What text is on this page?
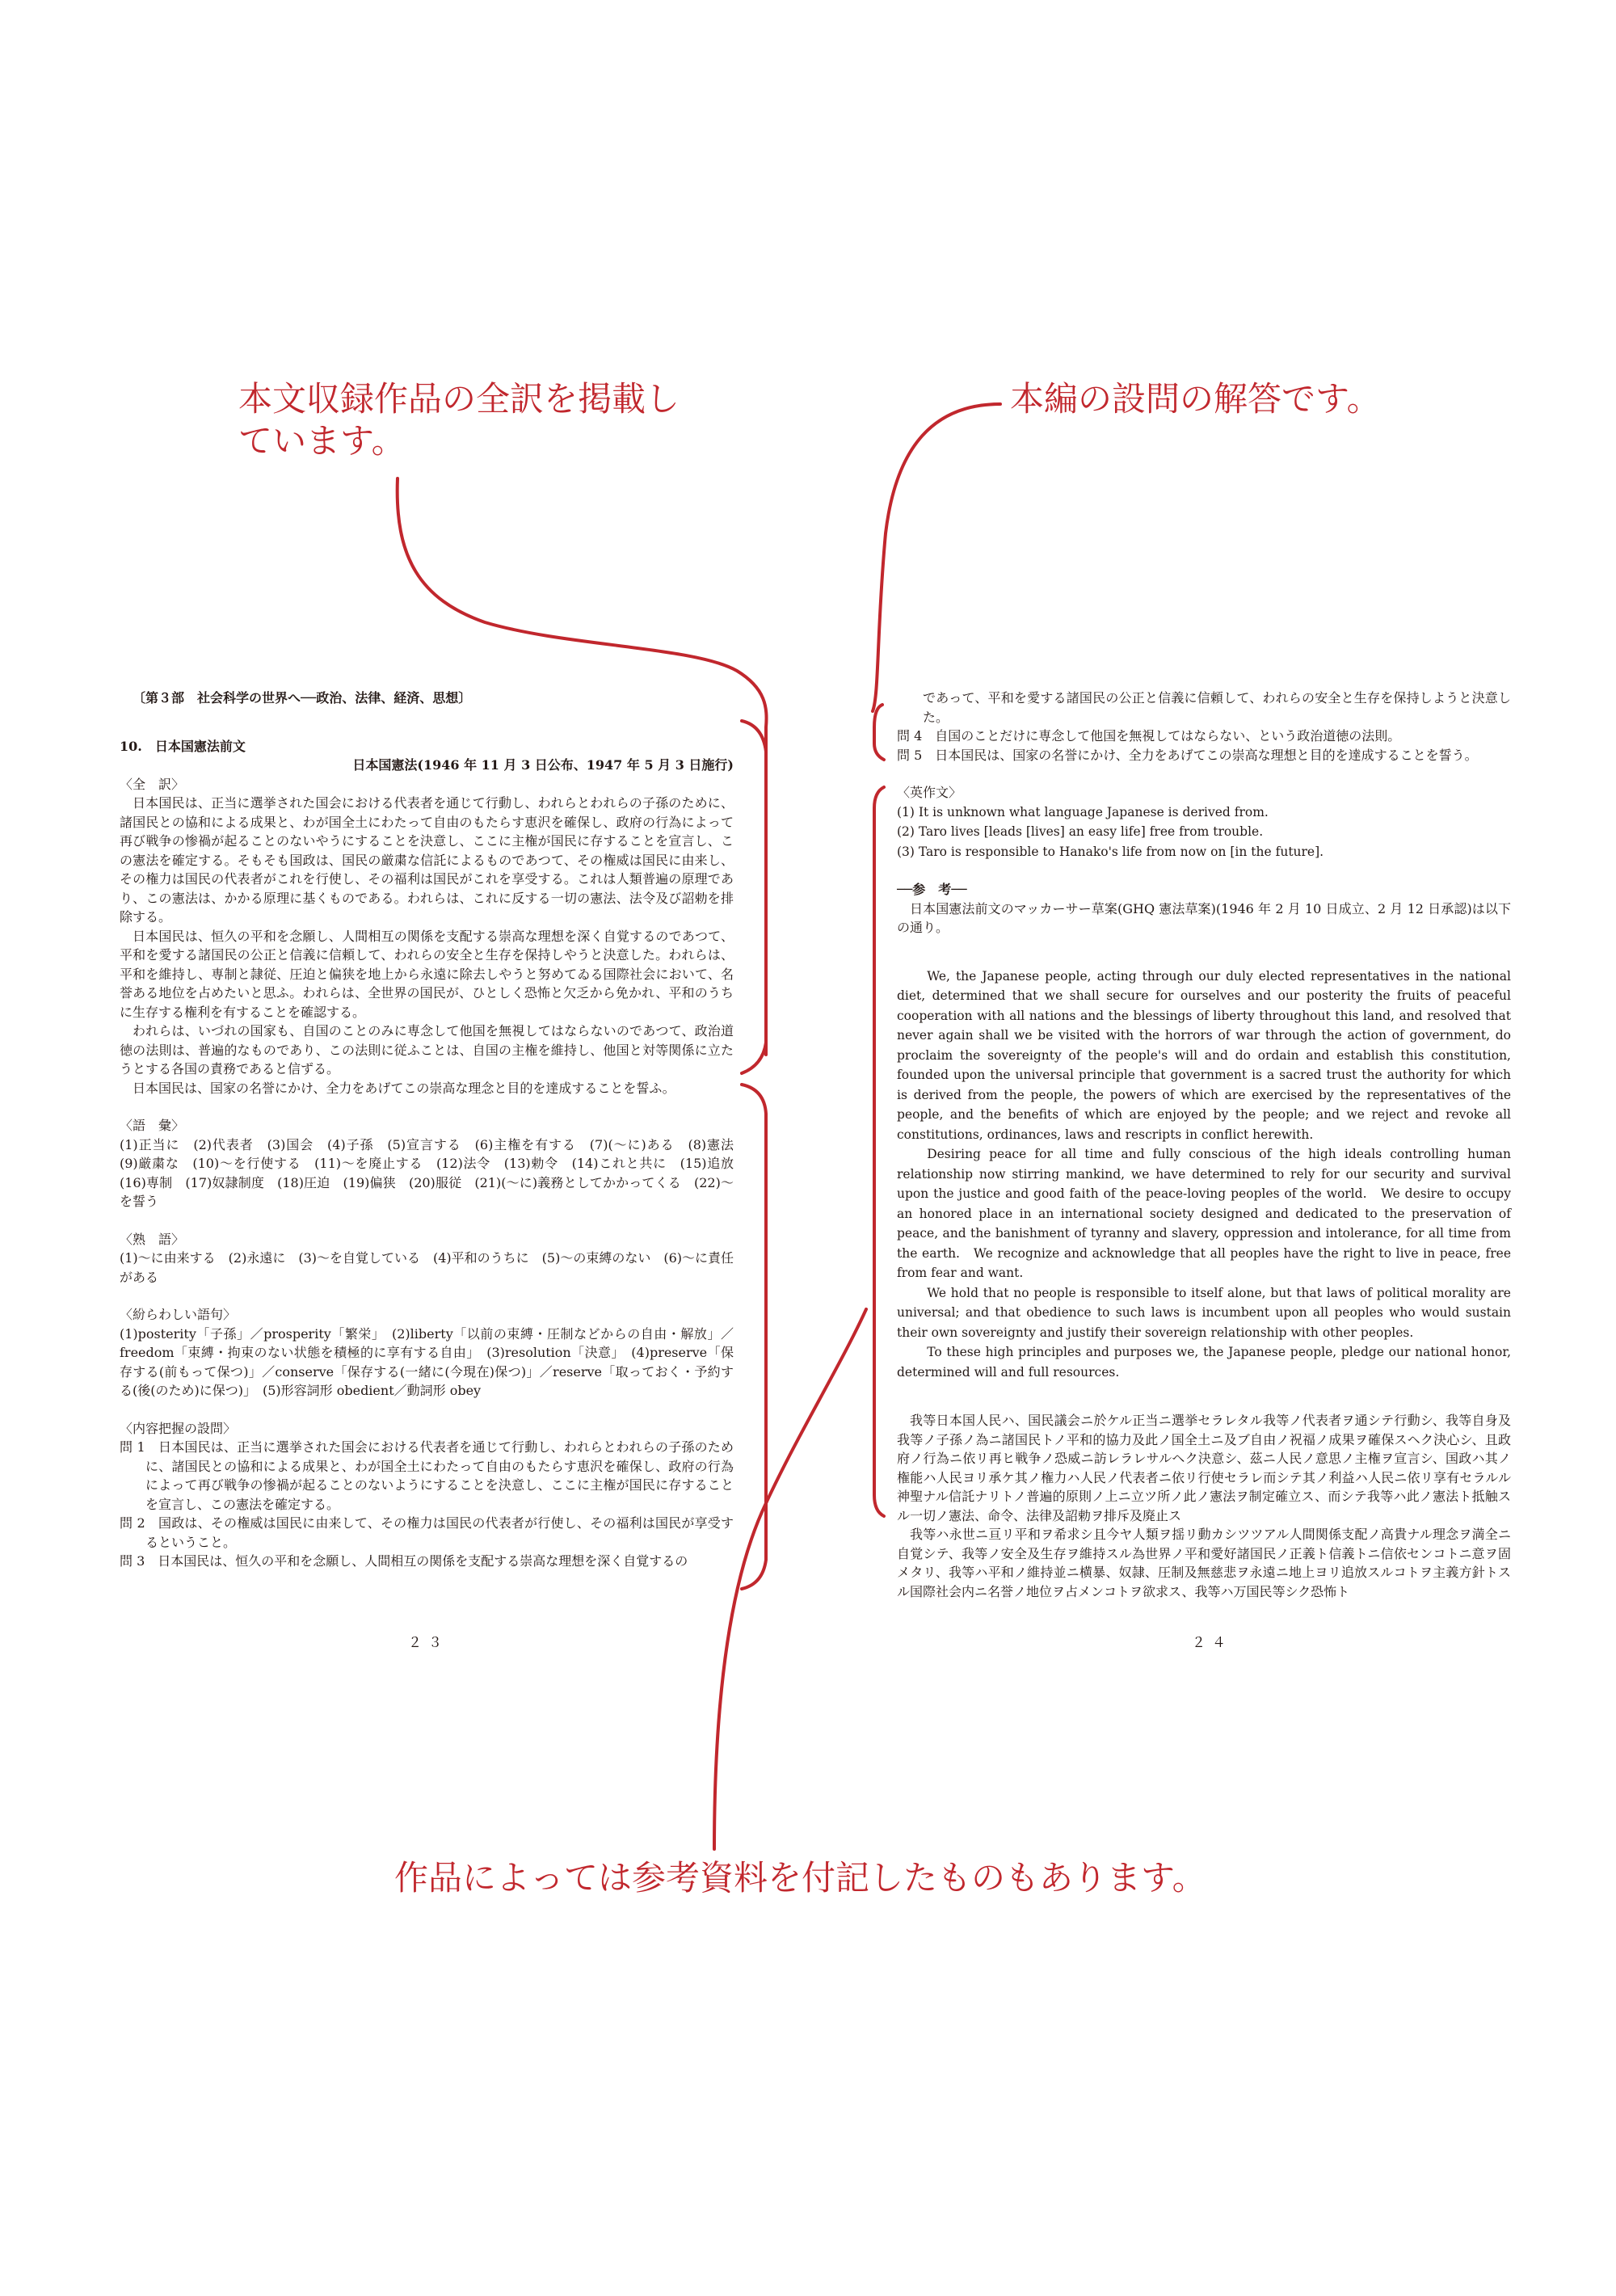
本文収録作品の全訳を掲載しています。
本編の設問の解答です。
作品によっては参考資料を付記したものもあります。

〔第３部　社会科学の世界へ──政治、法律、経済、思想〕

10.　日本国憲法前文

日本国憲法(1946 年 11 月 3 日公布、1947 年 5 月 3 日施行)

〈全　訳〉

日本国民は、正当に選挙された国会における代表者を通じて行動し、われらとわれらの子孫のために、諸国民との協和による成果と、わが国全土にわたって自由のもたらす恵沢を確保し、政府の行為によって再び戦争の惨禍が起ることのないやうにすることを決意し、ここに主権が国民に存することを宣言し、この憲法を確定する。そもそも国政は、国民の厳粛な信託によるものであつて、その権威は国民に由来し、その権力は国民の代表者がこれを行使し、その福利は国民がこれを享受する。これは人類普遍の原理であり、この憲法は、かかる原理に基くものである。われらは、これに反する一切の憲法、法令及び詔勅を排除する。

日本国民は、恒久の平和を念願し、人間相互の関係を支配する崇高な理想を深く自覚するのであつて、平和を愛する諸国民の公正と信義に信頼して、われらの安全と生存を保持しやうと決意した。われらは、平和を維持し、専制と隷従、圧迫と偏狭を地上から永遠に除去しやうと努めてゐる国際社会において、名誉ある地位を占めたいと思ふ。われらは、全世界の国民が、ひとしく恐怖と欠乏から免かれ、平和のうちに生存する権利を有することを確認する。

われらは、いづれの国家も、自国のことのみに専念して他国を無視してはならないのであつて、政治道徳の法則は、普遍的なものであり、この法則に従ふことは、自国の主権を維持し、他国と対等関係に立たうとする各国の責務であると信ずる。

日本国民は、国家の名誉にかけ、全力をあげてこの崇高な理念と目的を達成することを誓ふ。

〈語　彙〉

(1)正当に　(2)代表者　(3)国会　(4)子孫　(5)宣言する　(6)主権を有する　(7)(〜に)ある　(8)憲法　(9)厳粛な　(10)〜を行使する　(11)〜を廃止する　(12)法令　(13)勅令　(14)これと共に　(15)追放　(16)専制　(17)奴隷制度　(18)圧迫　(19)偏狭　(20)服従　(21)(〜に)義務としてかかってくる　(22)〜を誓う

〈熟　語〉

(1)〜に由来する　(2)永遠に　(3)〜を自覚している　(4)平和のうちに　(5)〜の束縛のない　(6)〜に責任がある

〈紛らわしい語句〉

(1)posterity「子孫」／prosperity「繁栄」　(2)liberty「以前の束縛・圧制などからの自由・解放」／freedom「束縛・拘束のない状態を積極的に享有する自由」　(3)resolution「決意」　(4)preserve「保存する(前もって保つ)」／conserve「保存する(一緒に(今現在)保つ)」／reserve「取っておく・予約する(後(のため)に保つ)」　(5)形容詞形 obedient／動詞形 obey

〈内容把握の設問〉

問 1　日本国民は、正当に選挙された国会における代表者を通じて行動し、われらとわれらの子孫のために、諸国民との協和による成果と、わが国全土にわたって自由のもたらす恵沢を確保し、政府の行為によって再び戦争の惨禍が起ることのないようにすることを決意し、ここに主権が国民に存することを宣言し、この憲法を確定する。

問 2　国政は、その権威は国民に由来して、その権力は国民の代表者が行使し、その福利は国民が享受するということ。

問 3　日本国民は、恒久の平和を念願し、人間相互の関係を支配する崇高な理想を深く自覚するの

２３

であって、平和を愛する諸国民の公正と信義に信頼して、われらの安全と生存を保持しようと決意した。

問 4　自国のことだけに専念して他国を無視してはならない、という政治道徳の法則。

問 5　日本国民は、国家の名誉にかけ、全力をあげてこの崇高な理想と目的を達成することを誓う。

〈英作文〉

(1) It is unknown what language Japanese is derived from.

(2) Taro lives [leads [lives] an easy life] free from trouble.

(3) Taro is responsible to Hanako's life from now on [in the future].

──参　考──

日本国憲法前文のマッカーサー草案(GHQ 憲法草案)(1946 年 2 月 10 日成立、2 月 12 日承認)は以下の通り。

We, the Japanese people, acting through our duly elected representatives in the national diet, determined that we shall secure for ourselves and our posterity the fruits of peaceful cooperation with all nations and the blessings of liberty throughout this land, and resolved that never again shall we be visited with the horrors of war through the action of government, do proclaim the sovereignty of the people's will and do ordain and establish this constitution, founded upon the universal principle that government is a sacred trust the authority for which is derived from the people, the powers of which are exercised by the representatives of the people, and the benefits of which are enjoyed by the people; and we reject and revoke all constitutions, ordinances, laws and rescripts in conflict herewith.

Desiring peace for all time and fully conscious of the high ideals controlling human relationship now stirring mankind, we have determined to rely for our security and survival upon the justice and good faith of the peace-loving peoples of the world.　We desire to occupy an honored place in an international society designed and dedicated to the preservation of peace, and the banishment of tyranny and slavery, oppression and intolerance, for all time from the earth.　We recognize and acknowledge that all peoples have the right to live in peace, free from fear and want.

We hold that no people is responsible to itself alone, but that laws of political morality are universal; and that obedience to such laws is incumbent upon all peoples who would sustain their own sovereignty and justify their sovereign relationship with other peoples.

To these high principles and purposes we, the Japanese people, pledge our national honor, determined will and full resources.

我等日本国人民ハ、国民議会ニ於ケル正当ニ選挙セラレタル我等ノ代表者ヲ通シテ行動シ、我等自身及我等ノ子孫ノ為ニ諸国民トノ平和的協力及此ノ国全土ニ及ブ自由ノ祝福ノ成果ヲ確保スヘク決心シ、且政府ノ行為ニ依リ再ヒ戦争ノ恐威ニ訪レラレサルヘク決意シ、茲ニ人民ノ意思ノ主権ヲ宣言シ、国政ハ其ノ権能ハ人民ヨリ承ケ其ノ権力ハ人民ノ代表者ニ依リ行使セラレ而シテ其ノ利益ハ人民ニ依リ享有セラルル神聖ナル信託ナリトノ普遍的原則ノ上ニ立ツ所ノ此ノ憲法ヲ制定確立ス、而シテ我等ハ此ノ憲法ト抵触スル一切ノ憲法、命令、法律及詔勅ヲ排斥及廃止ス

我等ハ永世ニ亘リ平和ヲ希求シ且今ヤ人類ヲ揺リ動カシツツアル人間関係支配ノ高貴ナル理念ヲ満全ニ自覚シテ、我等ノ安全及生存ヲ維持スル為世界ノ平和愛好諸国民ノ正義ト信義トニ信依センコトニ意ヲ固メタリ、我等ハ平和ノ維持並ニ横暴、奴隷、圧制及無慈悲ヲ永遠ニ地上ヨリ追放スルコトヲ主義方針トスル国際社会内ニ名誉ノ地位ヲ占メンコトヲ欲求ス、我等ハ万国民等シク恐怖ト

２４
